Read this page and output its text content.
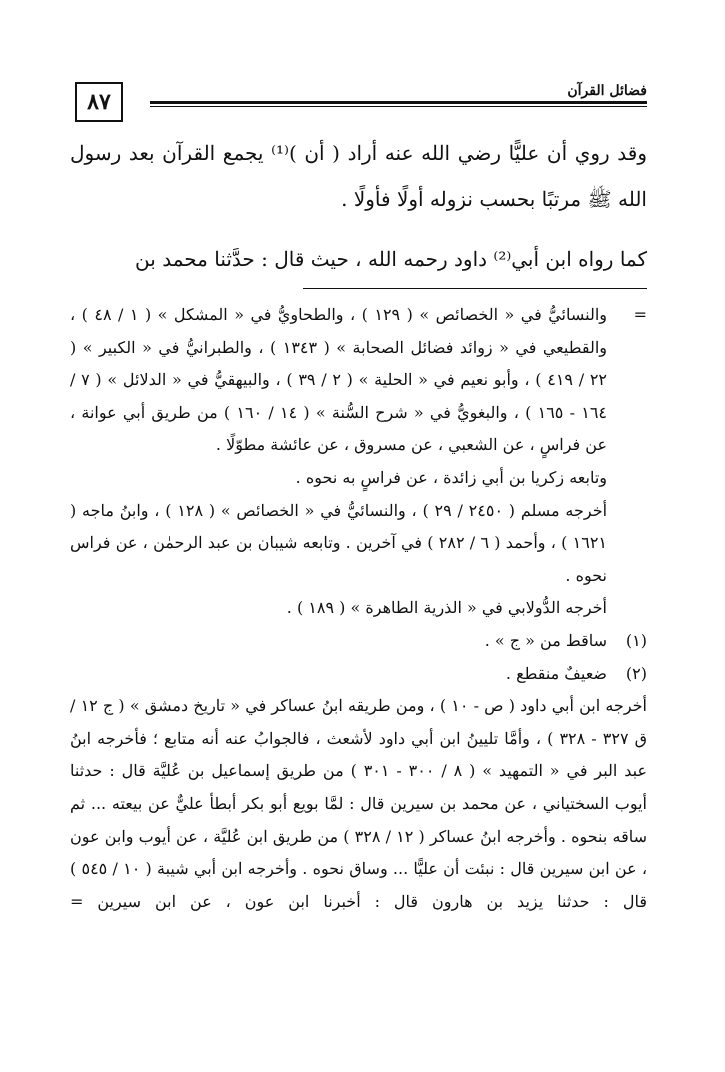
٨٧	فضائل القرآن

وقد روي أن عليًّا رضي الله عنه أراد ( أن )⁽¹⁾ يجمع القرآن بعد رسول الله ﷺ مرتبًا بحسب نزوله أولًا فأولًا .

كما رواه ابن أبي⁽²⁾ داود رحمه الله ، حيث قال : حدَّثنا محمد بن

=

والنسائيُّ في « الخصائص » ( ١٢٩ ) ، والطحاويُّ في « المشكل » ( ١ / ٤٨ ) ، والقطيعي في « زوائد فضائل الصحابة » ( ١٣٤٣ ) ، والطبرانيُّ في « الكبير » ( ٢٢ / ٤١٩ ) ، وأبو نعيم في « الحلية » ( ٢ / ٣٩ ) ، والبيهقيُّ في « الدلائل » ( ٧ / ١٦٤ - ١٦٥ ) ، والبغويُّ في « شرح السُّنة » ( ١٤ / ١٦٠ ) من طريق أبي عوانة ، عن فراسٍ ، عن الشعبي ، عن مسروق ، عن عائشة مطوّلًا .

وتابعه زكريا بن أبي زائدة ، عن فراسٍ به نحوه .

أخرجه مسلم ( ٢٤٥٠ / ٢٩ ) ، والنسائيُّ في « الخصائص » ( ١٢٨ ) ، وابنُ ماجه ( ١٦٢١ ) ، وأحمد ( ٦ / ٢٨٢ ) في آخرين . وتابعه شيبان بن عبد الرحمٰن ، عن فراس نحوه .

أخرجه الدُّولابي في « الذرية الطاهرة » ( ١٨٩ ) .

(١)
ساقط من « ج » .
(٢)
ضعيفٌ منقطع .

أخرجه ابن أبي داود ( ص - ١٠ ) ، ومن طريقه ابنُ عساكر في « تاريخ دمشق » ( ج ١٢ / ق ٣٢٧ - ٣٢٨ ) ، وأمَّا تليينُ ابن أبي داود لأشعث ، فالجوابُ عنه أنه متابع ؛ فأخرجه ابنُ عبد البر في « التمهيد » ( ٨ / ٣٠٠ - ٣٠١ ) من طريق إسماعيل بن عُليَّة قال : حدثنا أيوب السختياني ، عن محمد بن سيرين قال : لمَّا بويع أبو بكر أبطأ عليٌّ عن بيعته ... ثم ساقه بنحوه . وأخرجه ابنُ عساكر ( ١٢ / ٣٢٨ ) من طريق ابن عُليَّة ، عن أيوب وابن عون ، عن ابن سيرين قال : نبئت أن عليًّا ... وساق نحوه . وأخرجه ابن أبي شيبة ( ١٠ / ٥٤٥ ) قال : حدثنا يزيد بن هارون قال : أخبرنا ابن عون ، عن ابن سيرين =
